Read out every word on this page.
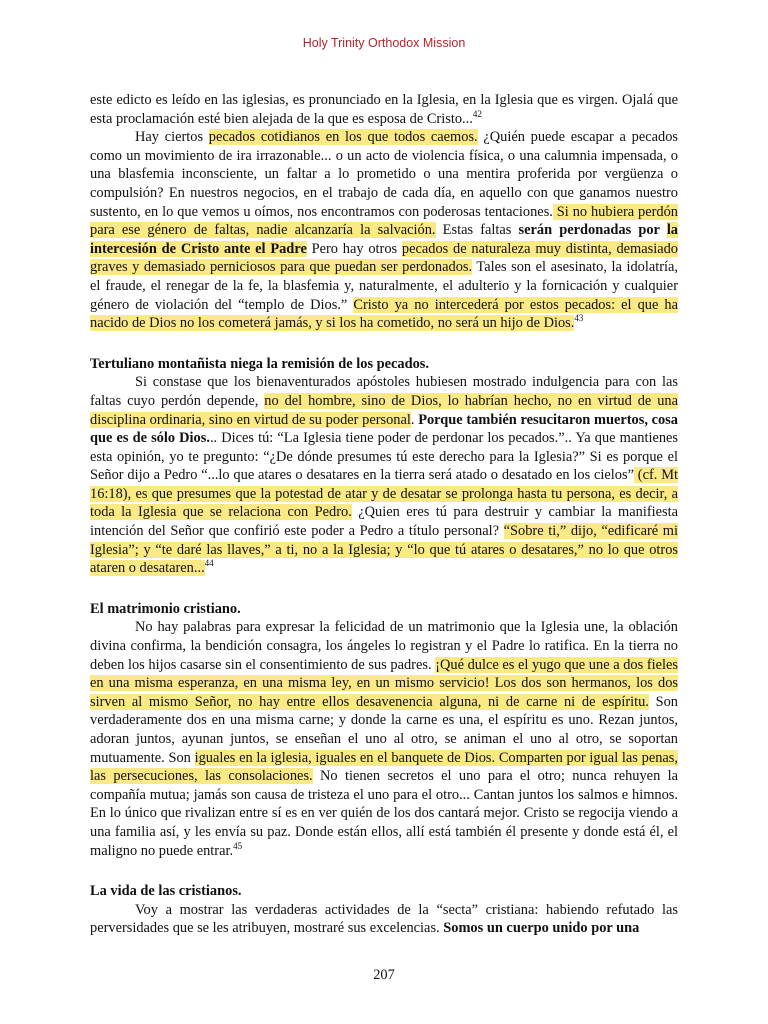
Holy Trinity Orthodox Mission

este edicto es leído en las iglesias, es pronunciado en la Iglesia, en la Iglesia que es virgen. Ojalá que esta proclamación esté bien alejada de la que es esposa de Cristo...$^{42}$

Hay ciertos pecados cotidianos en los que todos caemos. ¿Quién puede escapar a pecados como un movimiento de ira irrazonable... o un acto de violencia física, o una calumnia impensada, o una blasfemia inconsciente, un faltar a lo prometido o una mentira proferida por vergüenza o compulsión? En nuestros negocios, en el trabajo de cada día, en aquello con que ganamos nuestro sustento, en lo que vemos u oímos, nos encontramos con poderosas tentaciones. Si no hubiera perdón para ese género de faltas, nadie alcanzaría la salvación. Estas faltas serán perdonadas por la intercesión de Cristo ante el Padre Pero hay otros pecados de naturaleza muy distinta, demasiado graves y demasiado perniciosos para que puedan ser perdonados. Tales son el asesinato, la idolatría, el fraude, el renegar de la fe, la blasfemia y, naturalmente, el adulterio y la fornicación y cualquier género de violación del “templo de Dios.” Cristo ya no intercederá por estos pecados: el que ha nacido de Dios no los cometerá jamás, y si los ha cometido, no será un hijo de Dios.$^{43}$

Tertuliano montañista niega la remisión de los pecados.

Si constase que los bienaventurados apóstoles hubiesen mostrado indulgencia para con las faltas cuyo perdón depende, no del hombre, sino de Dios, lo habrían hecho, no en virtud de una disciplina ordinaria, sino en virtud de su poder personal. Porque también resucitaron muertos, cosa que es de sólo Dios... Dices tú: “La Iglesia tiene poder de perdonar los pecados.”.. Ya que mantienes esta opinión, yo te pregunto: “¿De dónde presumes tú este derecho para la Iglesia?” Si es porque el Señor dijo a Pedro “...lo que atares o desatares en la tierra será atado o desatado en los cielos” (cf. Mt 16:18), es que presumes que la potestad de atar y de desatar se prolonga hasta tu persona, es decir, a toda la Iglesia que se relaciona con Pedro. ¿Quien eres tú para destruir y cambiar la manifiesta intención del Señor que confirió este poder a Pedro a título personal? “Sobre ti,” dijo, “edificaré mi Iglesia”; y “te daré las llaves,” a ti, no a la Iglesia; y “lo que tú atares o desatares,” no lo que otros ataren o desataren...$^{44}$

El matrimonio cristiano.

No hay palabras para expresar la felicidad de un matrimonio que la Iglesia une, la oblación divina confirma, la bendición consagra, los ángeles lo registran y el Padre lo ratifica. En la tierra no deben los hijos casarse sin el consentimiento de sus padres. ¡Qué dulce es el yugo que une a dos fieles en una misma esperanza, en una misma ley, en un mismo servicio! Los dos son hermanos, los dos sirven al mismo Señor, no hay entre ellos desavenencia alguna, ni de carne ni de espíritu. Son verdaderamente dos en una misma carne; y donde la carne es una, el espíritu es uno. Rezan juntos, adoran juntos, ayunan juntos, se enseñan el uno al otro, se animan el uno al otro, se soportan mutuamente. Son iguales en la iglesia, iguales en el banquete de Dios. Comparten por igual las penas, las persecuciones, las consolaciones. No tienen secretos el uno para el otro; nunca rehuyen la compañía mutua; jamás son causa de tristeza el uno para el otro... Cantan juntos los salmos e himnos. En lo único que rivalizan entre sí es en ver quién de los dos cantará mejor. Cristo se regocija viendo a una familia así, y les envía su paz. Donde están ellos, allí está también él presente y donde está él, el maligno no puede entrar.$^{45}$

La vida de las cristianos.

Voy a mostrar las verdaderas actividades de la “secta” cristiana: habiendo refutado las perversidades que se les atribuyen, mostraré sus excelencias. Somos un cuerpo unido por una

207
